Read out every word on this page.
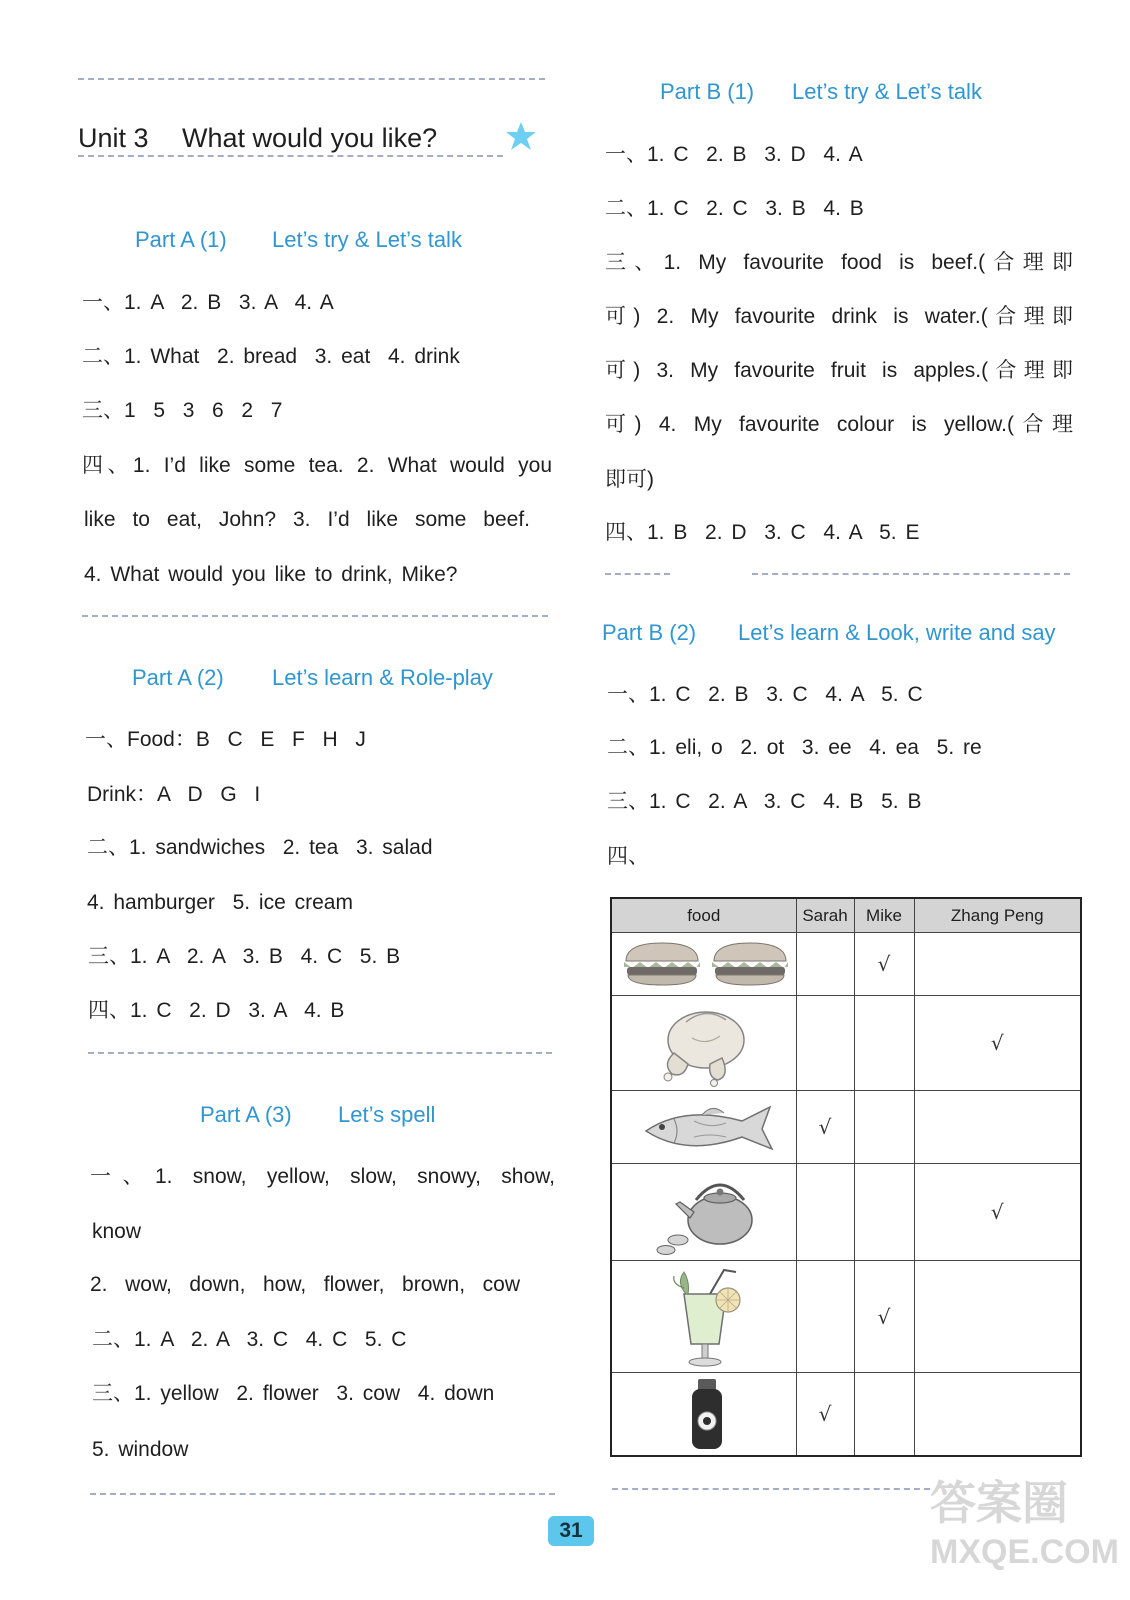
Unit 3 What would you like?
Part A (1) Let’s try & Let’s talk
一、1. A  2. B  3. A  4. A
二、1. What  2. bread  3. eat  4. drink
三、1  5  3  6  2  7
四、1. I’d like some tea. 2. What would you
like to eat, John? 3. I’d like some beef.
4. What would you like to drink, Mike?
Part A (2) Let’s learn & Role-play
一、Food：B  C  E  F  H  J
Drink：A  D  G  I
二、1. sandwiches  2. tea  3. salad
4. hamburger  5. ice cream
三、1. A  2. A  3. B  4. C  5. B
四、1. C  2. D  3. A  4. B
Part A (3) Let’s spell
一、1. snow, yellow, slow, snowy, show,
know
2. wow, down, how, flower, brown, cow
二、1. A  2. A  3. C  4. C  5. C
三、1. yellow  2. flower  3. cow  4. down
5. window
Part B (1) Let’s try & Let’s talk
一、1. C  2. B  3. D  4. A
二、1. C  2. C  3. B  4. B
三、1. My favourite food is beef.(合理即
可) 2. My favourite drink is water.(合理即
可) 3. My favourite fruit is apples.(合理即
可) 4. My favourite colour is yellow.(合理
即可)
四、1. B  2. D  3. C  4. A  5. E
Part B (2) Let’s learn & Look, write and say
一、1. C  2. B  3. C  4. A  5. C
二、1. eli, o  2. ot  3. ee  4. ea  5. re
三、1. C  2. A  3. C  4. B  5. B
四、
food	Sarah	Mike	Zhang Peng

		√	

			√

	√		

			√

		√	

	√		
31
答案圈
MXQE.COM
